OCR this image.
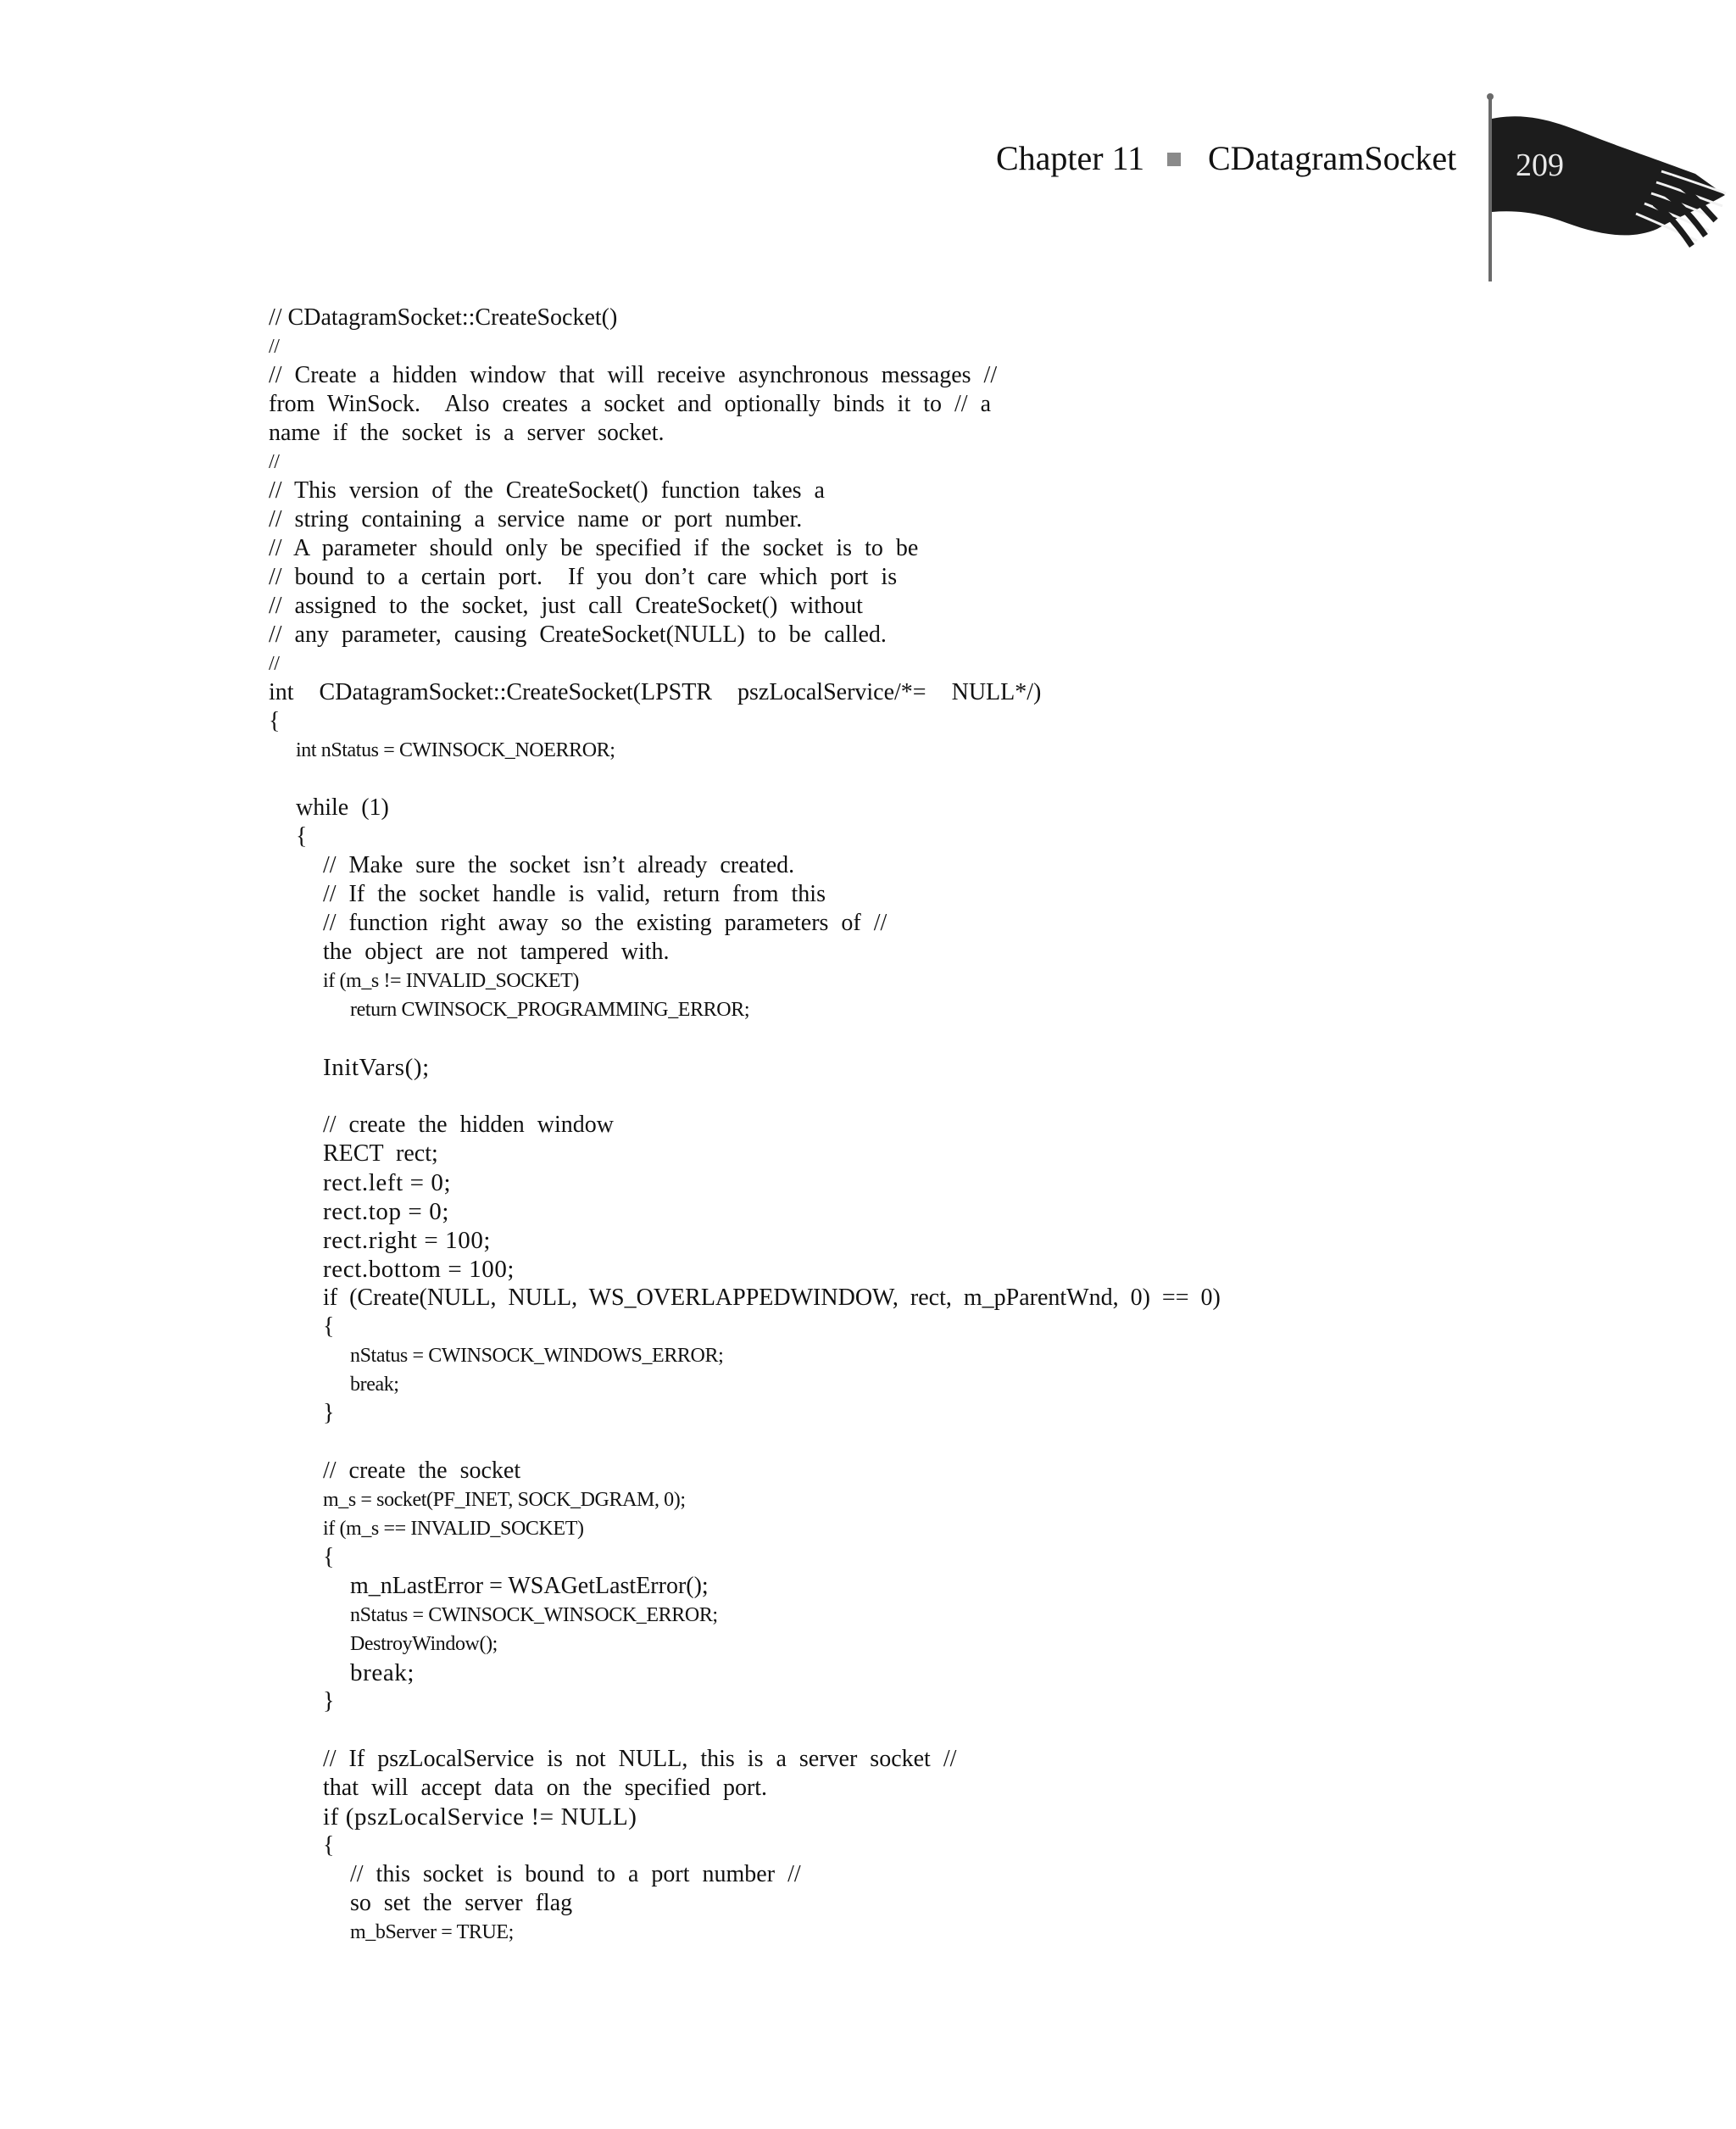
Chapter 11 CDatagramSocket 209
// CDatagramSocket::CreateSocket()
//
// Create a hidden window that will receive asynchronous messages //
from WinSock.  Also creates a socket and optionally binds it to // a
name if the socket is a server socket.
//
// This version of the CreateSocket() function takes a
// string containing a service name or port number.
// A parameter should only be specified if the socket is to be
// bound to a certain port.  If you don’t care which port is
// assigned to the socket, just call CreateSocket() without
// any parameter, causing CreateSocket(NULL) to be called.
//
int  CDatagramSocket::CreateSocket(LPSTR  pszLocalService/*=  NULL*/)
{
int nStatus = CWINSOCK_NOERROR;
while (1)
{
// Make sure the socket isn’t already created.
// If the socket handle is valid, return from this
// function right away so the existing parameters of //
the object are not tampered with.
if (m_s != INVALID_SOCKET)
return CWINSOCK_PROGRAMMING_ERROR;
InitVars();
// create the hidden window
RECT rect;
rect.left = 0;
rect.top = 0;
rect.right = 100;
rect.bottom = 100;
if  (Create(NULL,  NULL,  WS_OVERLAPPEDWINDOW,  rect,  m_pParentWnd,  0)  ==  0)
{
nStatus = CWINSOCK_WINDOWS_ERROR;
break;
}
// create the socket
m_s = socket(PF_INET, SOCK_DGRAM, 0);
if (m_s == INVALID_SOCKET)
{
m_nLastError = WSAGetLastError();
nStatus = CWINSOCK_WINSOCK_ERROR;
DestroyWindow();
break;
}
// If pszLocalService is not NULL, this is a server socket //
that will accept data on the specified port.
if (pszLocalService != NULL)
{
// this socket is bound to a port number //
so set the server flag
m_bServer = TRUE;
